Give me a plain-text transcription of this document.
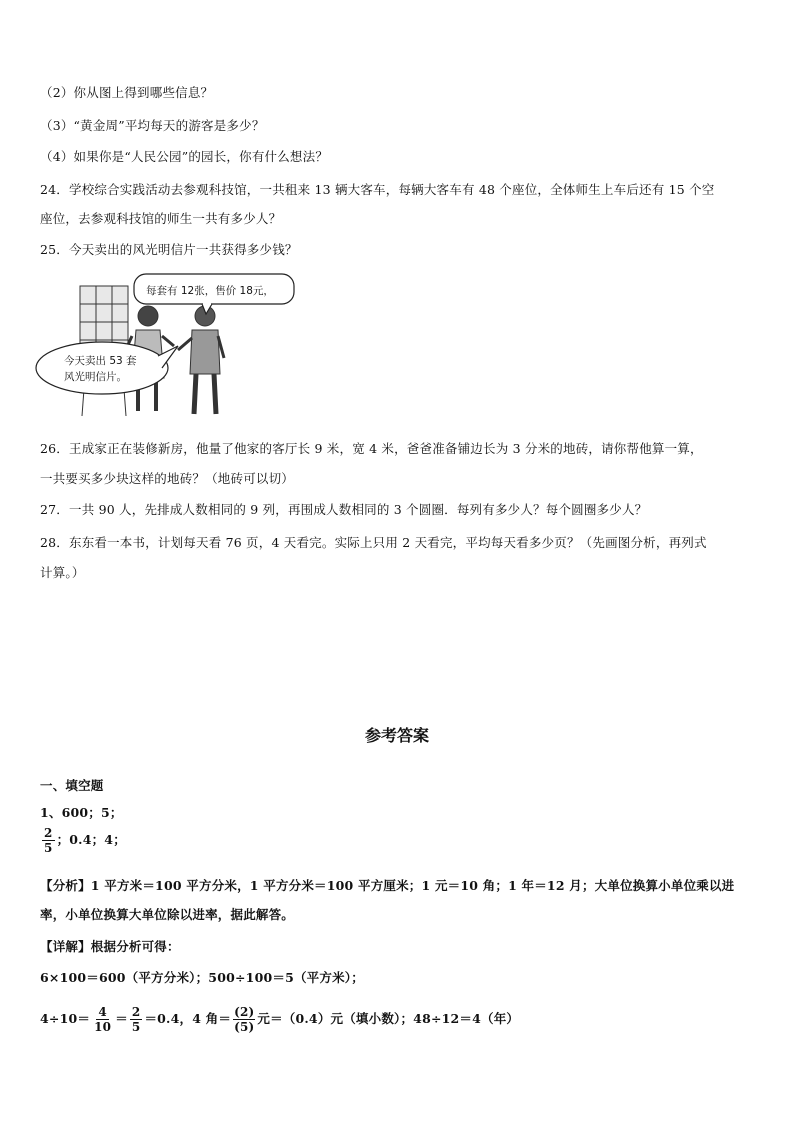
（2）你从图上得到哪些信息？
（3）“黄金周”平均每天的游客是多少？
（4）如果你是“人民公园”的园长，你有什么想法？
24．学校综合实践活动去参观科技馆，一共租来 13 辆大客车，每辆大客车有 48 个座位，全体师生上车后还有 15 个空
座位，去参观科技馆的师生一共有多少人？
25．今天卖出的风光明信片一共获得多少钱？
每套有 12张，售价 18元，
今天卖出 53 套
风光明信片。
26．王成家正在装修新房，他量了他家的客厅长 9 米，宽 4 米，爸爸准备铺边长为 3 分米的地砖，请你帮他算一算，
一共要买多少块这样的地砖？（地砖可以切）
27．一共 90 人，先排成人数相同的 9 列，再围成人数相同的 3 个圆圈．每列有多少人？每个圆圈多少人？
28．东东看一本书，计划每天看 76 页，4 天看完。实际上只用 2 天看完，平均每天看多少页？（先画图分析，再列式
计算。）
参考答案
一、填空题
1、600；5；
$\frac{2}{5}$ ；0.4；4；
【分析】1 平方米＝100 平方分米，1 平方分米＝100 平方厘米；1 元＝10 角；1 年＝12 月；大单位换算小单位乘以进
率，小单位换算大单位除以进率，据此解答。
【详解】根据分析可得：
6×100＝600（平方分米）；500÷100＝5（平方米）；
$4\div 10= \frac{4}{10} = \frac{2}{5} =0.4$，4 角＝ $\frac{(2)}{(5)}$ 元＝（0.4）元（填小数）；48÷12＝4（年）
